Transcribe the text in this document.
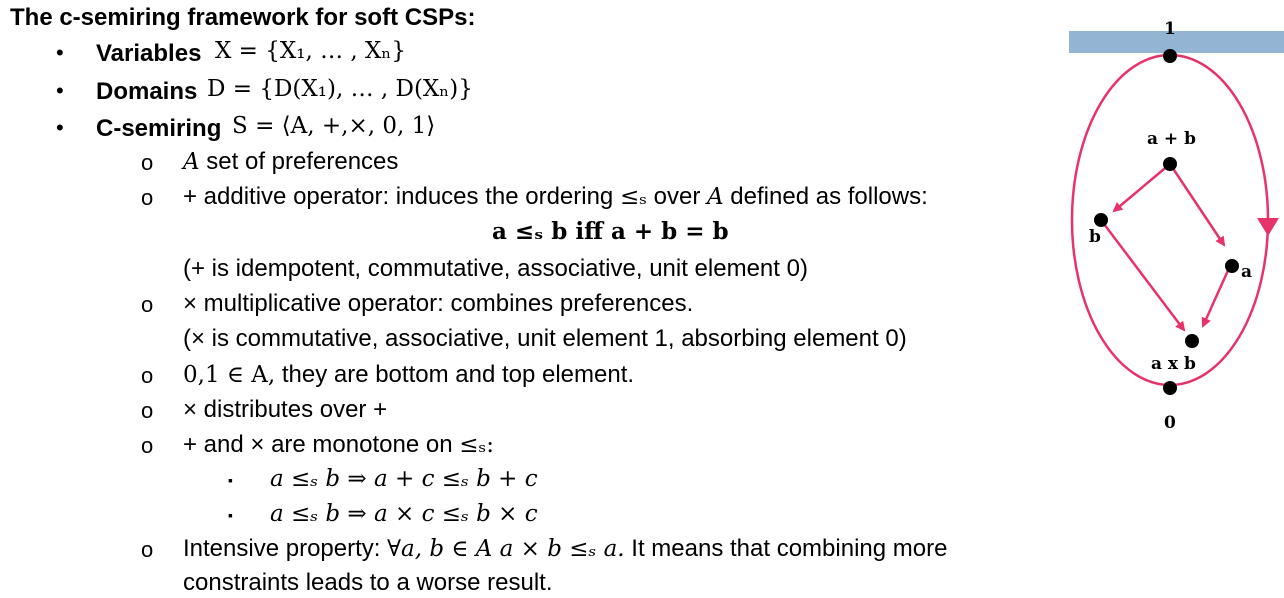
The c-semiring framework for soft CSPs:
• Variables X = {X₁, … , Xₙ}
• Domains D = {D(X₁), … , D(Xₙ)}
• C-semiring S = ⟨A, +,×, 0, 1⟩
o A set of preferences
o + additive operator: induces the ordering ≤ₛ over A defined as follows:
a ≤ₛ b iff a + b = b
(+ is idempotent, commutative, associative, unit element 0)
o × multiplicative operator: combines preferences.
(× is commutative, associative, unit element 1, absorbing element 0)
o 0,1 ∈ A, they are bottom and top element.
o × distributes over +
o + and × are monotone on ≤ₛ:
▪ a ≤ₛ b ⇒ a + c ≤ₛ b + c
▪ a ≤ₛ b ⇒ a × c ≤ₛ b × c
o Intensive property: ∀a, b ∈ A a × b ≤ₛ a. It means that combining more
constraints leads to a worse result.
1
a + b
b
a
a x b
0
